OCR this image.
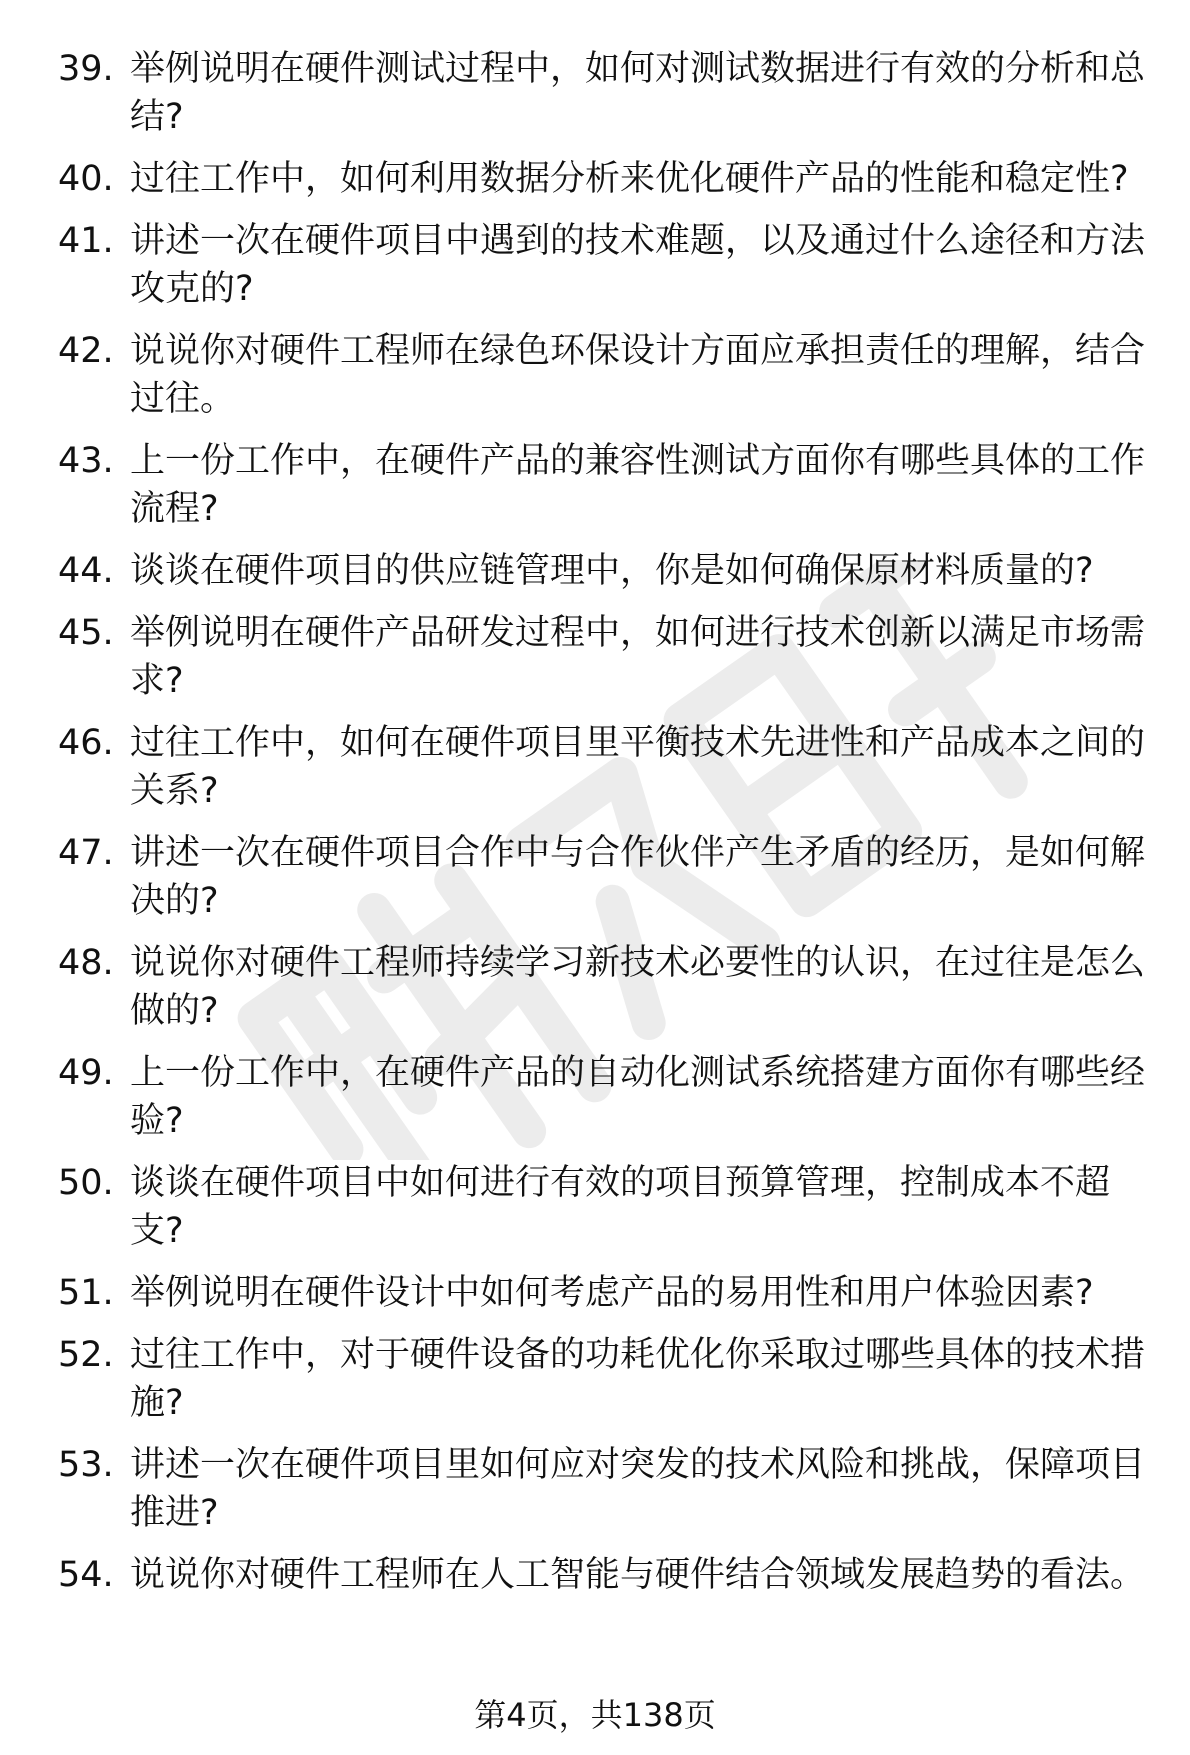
39. 举例说明在硬件测试过程中，如何对测试数据进行有效的分析和总结?
40. 过往工作中，如何利用数据分析来优化硬件产品的性能和稳定性?
41. 讲述一次在硬件项目中遇到的技术难题，以及通过什么途径和方法攻克的?
42. 说说你对硬件工程师在绿色环保设计方面应承担责任的理解，结合过往。
43. 上一份工作中，在硬件产品的兼容性测试方面你有哪些具体的工作流程?
44. 谈谈在硬件项目的供应链管理中，你是如何确保原材料质量的?
45. 举例说明在硬件产品研发过程中，如何进行技术创新以满足市场需求?
46. 过往工作中，如何在硬件项目里平衡技术先进性和产品成本之间的关系?
47. 讲述一次在硬件项目合作中与合作伙伴产生矛盾的经历，是如何解决的?
48. 说说你对硬件工程师持续学习新技术必要性的认识，在过往是怎么做的?
49. 上一份工作中，在硬件产品的自动化测试系统搭建方面你有哪些经验?
50. 谈谈在硬件项目中如何进行有效的项目预算管理，控制成本不超支?
51. 举例说明在硬件设计中如何考虑产品的易用性和用户体验因素?
52. 过往工作中，对于硬件设备的功耗优化你采取过哪些具体的技术措施?
53. 讲述一次在硬件项目里如何应对突发的技术风险和挑战，保障项目推进?
54. 说说你对硬件工程师在人工智能与硬件结合领域发展趋势的看法。
第4页，共138页
